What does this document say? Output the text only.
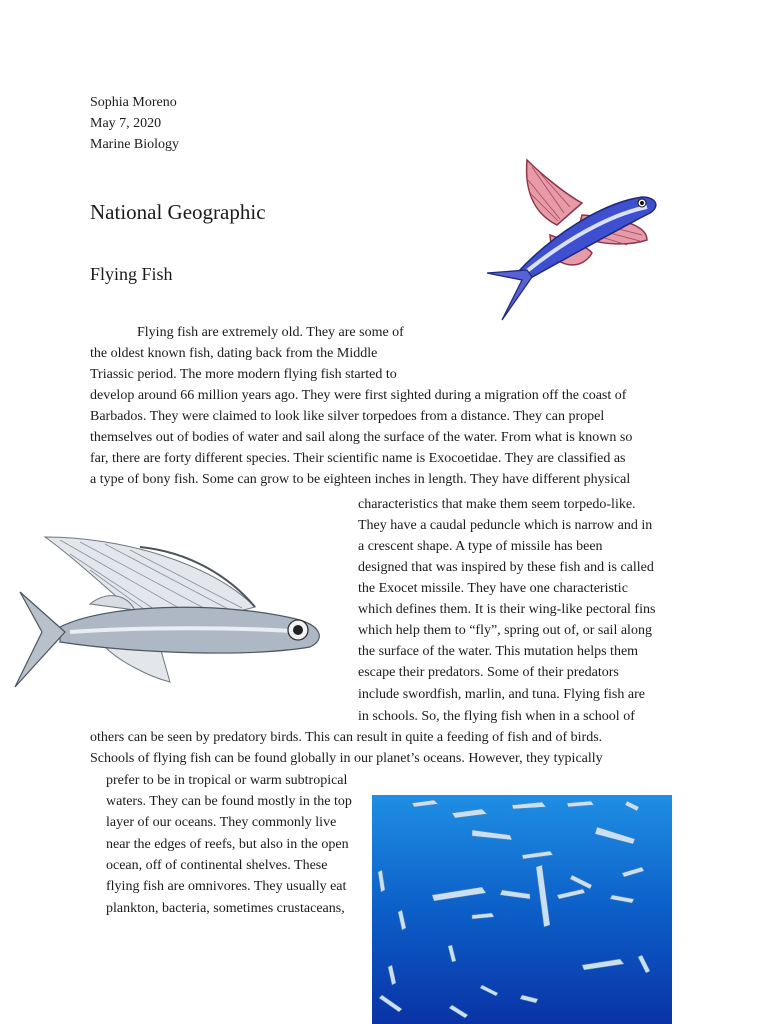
Sophia Moreno
May 7, 2020
Marine Biology
National Geographic
Flying Fish
Flying fish are extremely old. They are some of
the oldest known fish, dating back from the Middle
Triassic period. The more modern flying fish started to
develop around 66 million years ago. They were first sighted during a migration off the coast of
Barbados. They were claimed to look like silver torpedoes from a distance. They can propel
themselves out of bodies of water and sail along the surface of the water. From what is known so
far, there are forty different species. Their scientific name is Exocoetidae. They are classified as
a type of bony fish. Some can grow to be eighteen inches in length. They have different physical
characteristics that make them seem torpedo-like.
They have a caudal peduncle which is narrow and in
a crescent shape. A type of missile has been
designed that was inspired by these fish and is called
the Exocet missile. They have one characteristic
which defines them. It is their wing-like pectoral fins
which help them to “fly”, spring out of, or sail along
the surface of the water. This mutation helps them
escape their predators. Some of their predators
include swordfish, marlin, and tuna. Flying fish are
in schools. So, the flying fish when in a school of
others can be seen by predatory birds. This can result in quite a feeding of fish and of birds.
Schools of flying fish can be found globally in our planet’s oceans. However, they typically
prefer to be in tropical or warm subtropical
waters. They can be found mostly in the top
layer of our oceans. They commonly live
near the edges of reefs, but also in the open
ocean, off of continental shelves. These
flying fish are omnivores. They usually eat
plankton, bacteria, sometimes crustaceans,
